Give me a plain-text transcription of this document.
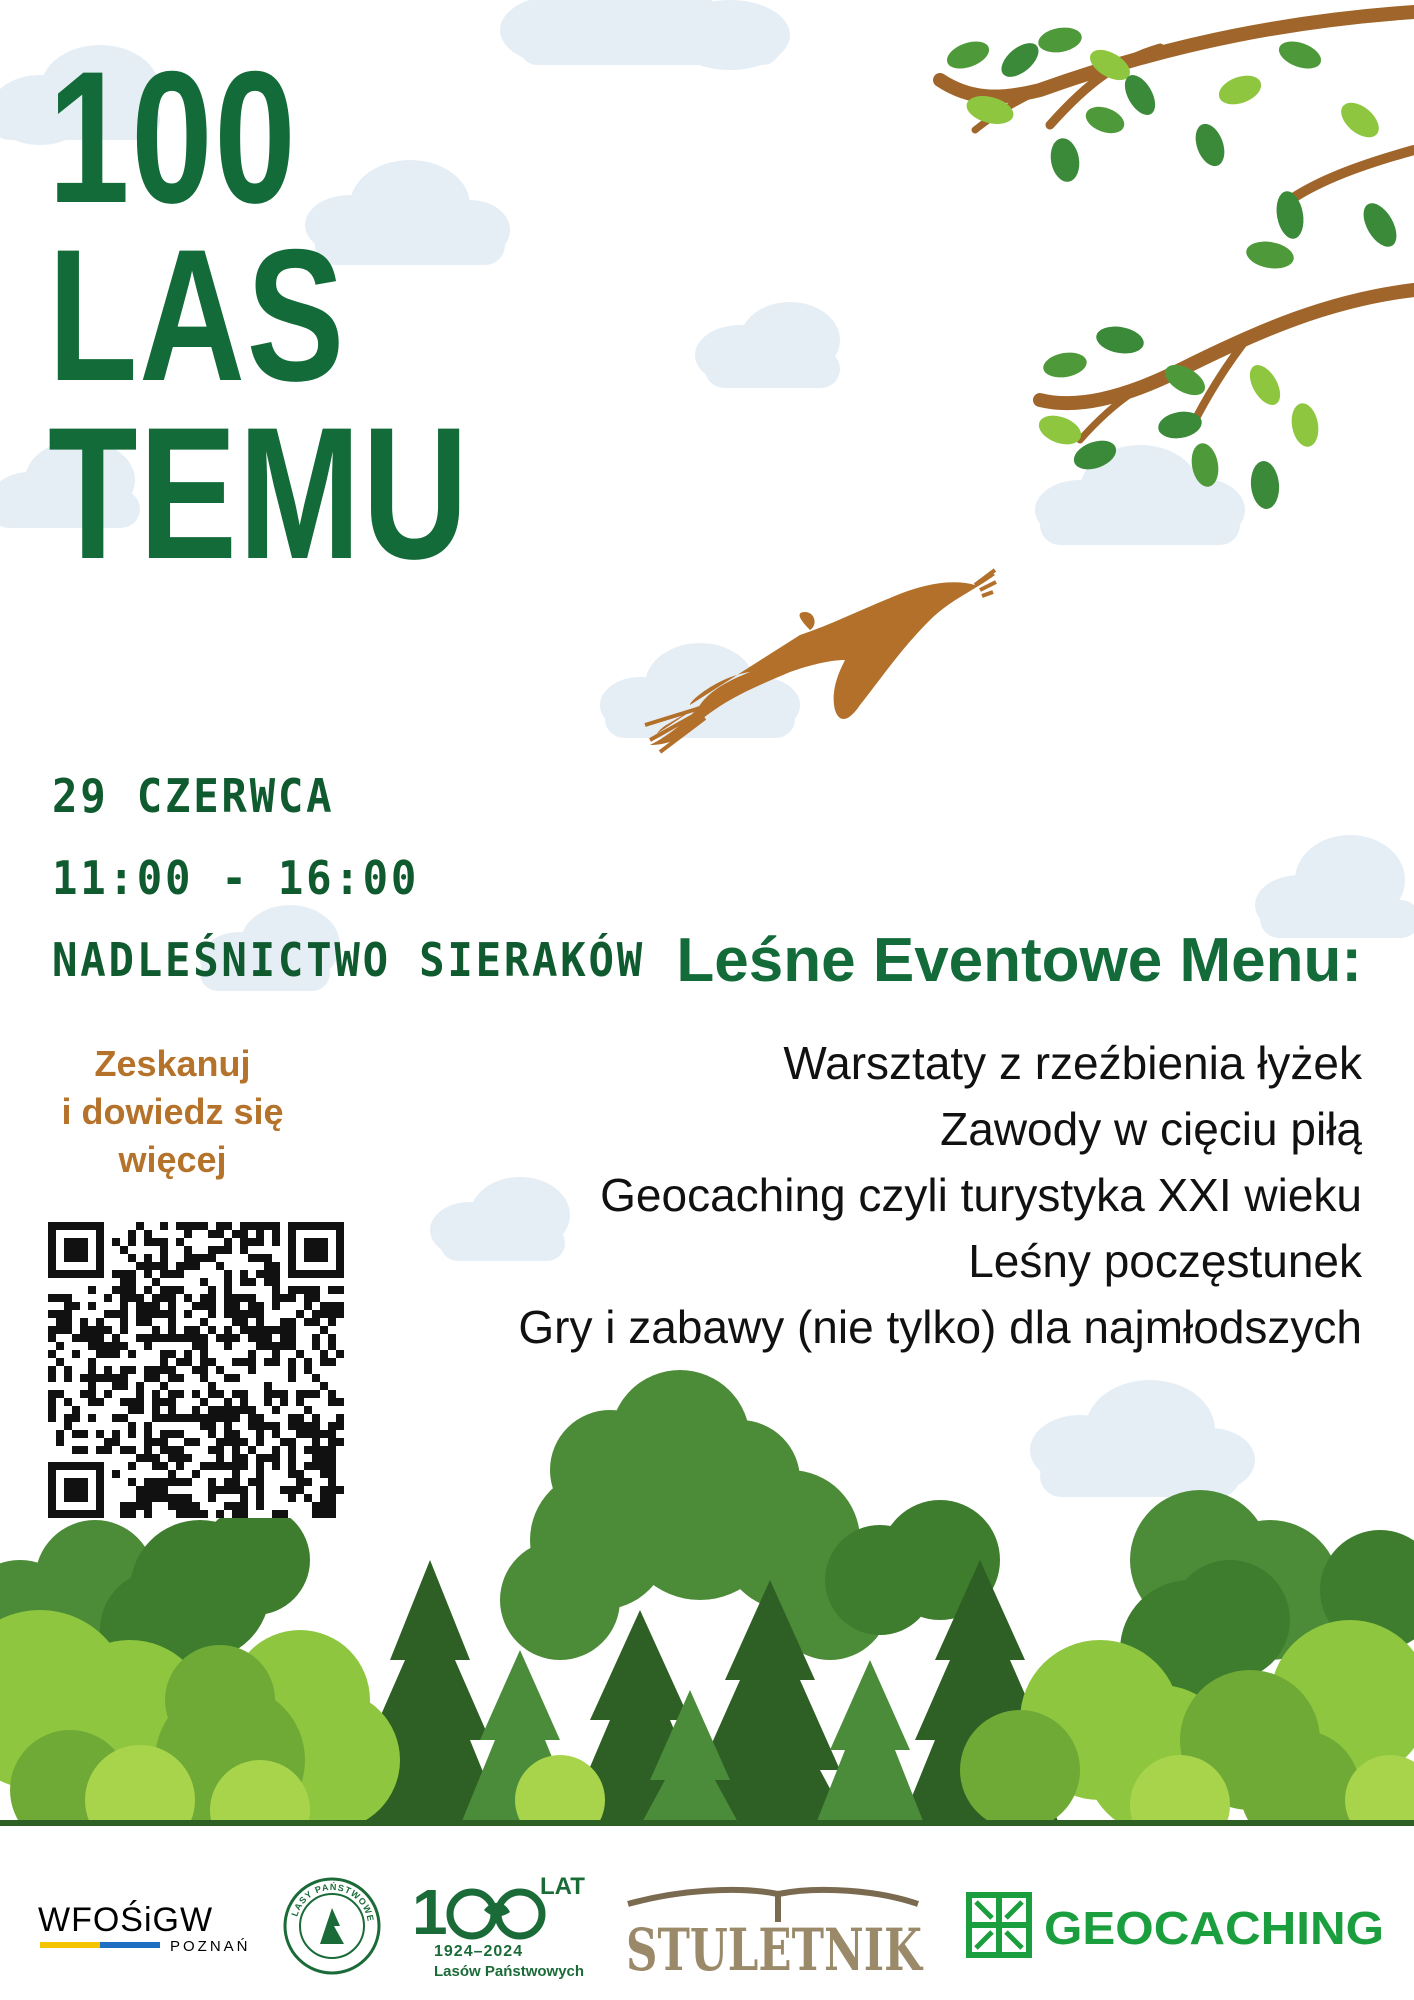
100
LAS
TEMU
29 CZERWCA
11:00 - 16:00
NADLEŚNICTWO SIERAKÓW
Zeskanuj
i dowiedz się
więcej
Leśne Eventowe Menu:
Warsztaty z rzeźbienia łyżek
Zawody w cięciu piłą
Geocaching czyli turystyka XXI wieku
Leśny poczęstunek
Gry i zabawy (nie tylko) dla najmłodszych
WFOŚiGW
POZNAŃ
LASY PAŃSTWOWE 1	LAT
1924–2024
Lasów Państwowych STULETNIK	GEOCACHING
